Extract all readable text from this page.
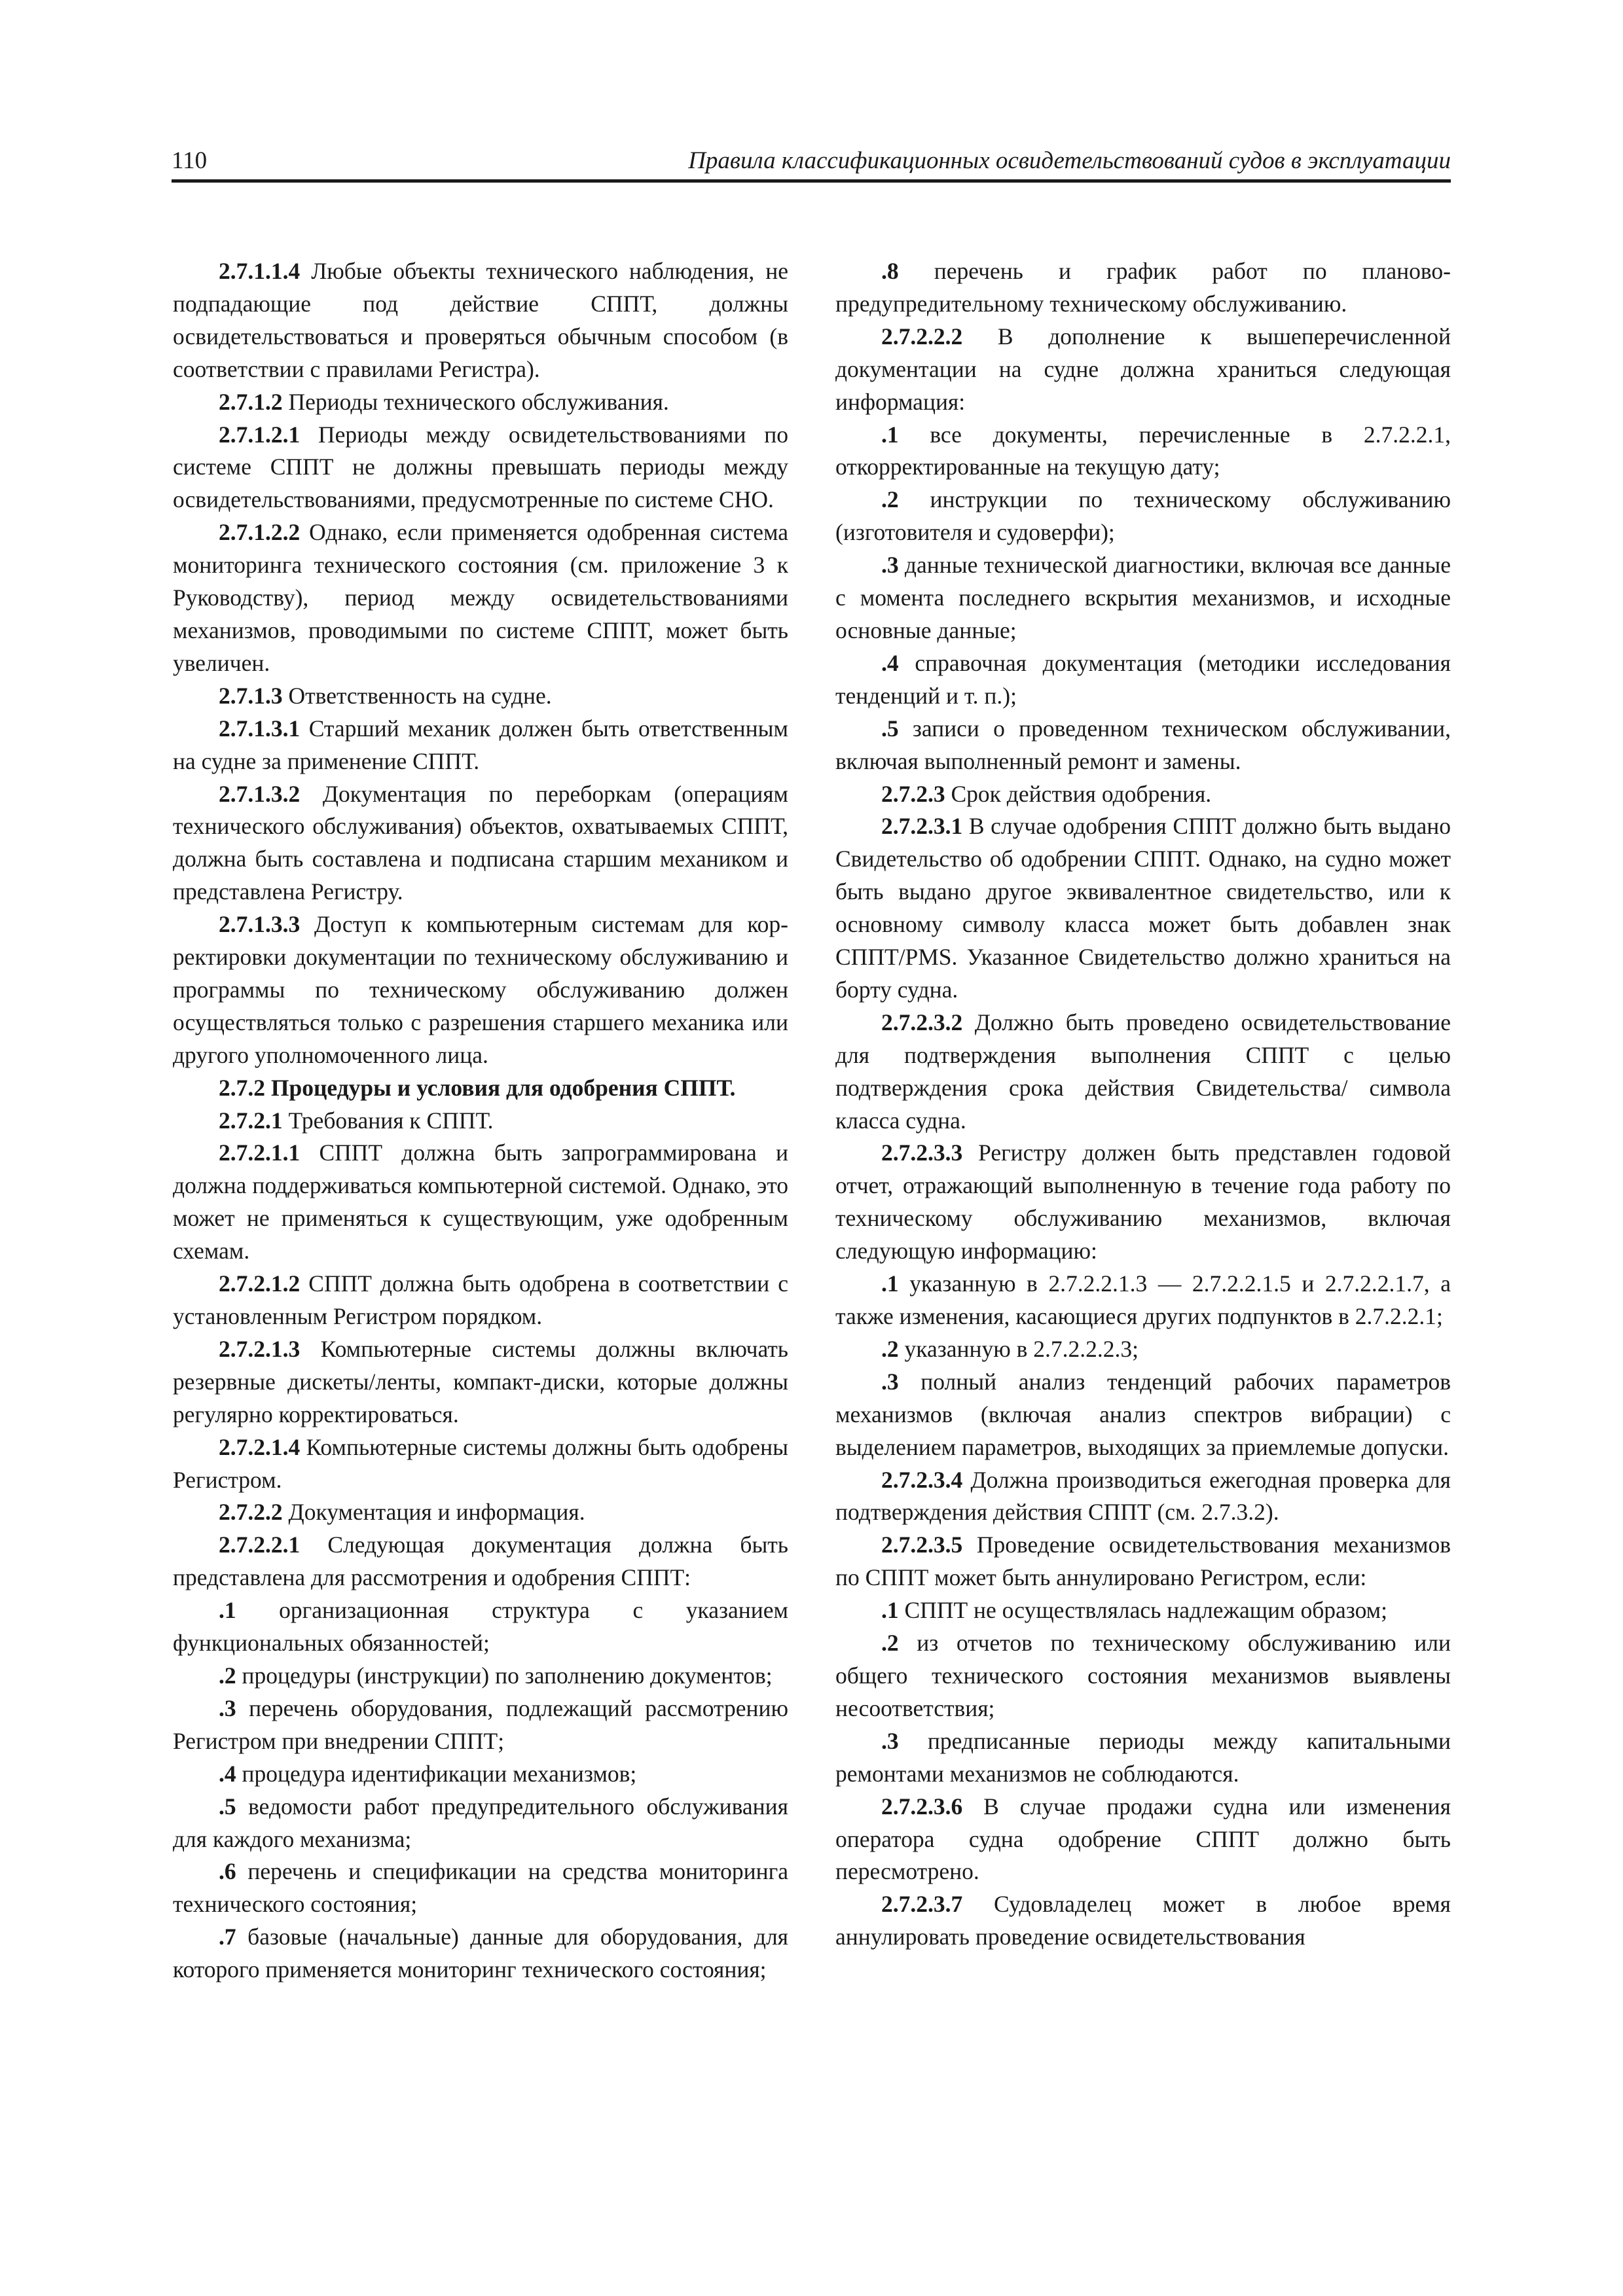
110	Правила классификационных освидетельствований судов в эксплуатации

2.7.1.1.4 Любые объекты технического наблюдения, не подпадающие под действие СППТ, должны освидетельствоваться и проверяться обычным способом (в соответствии с правилами Регистра).

2.7.1.2 Периоды технического обслуживания.

2.7.1.2.1 Периоды между освидетельствованиями по системе СППТ не должны превышать периоды между освидетельствованиями, предусмотренные по системе СНО.

2.7.1.2.2 Однако, если применяется одобренная система мониторинга технического состояния (см. приложение 3 к Руководству), период между освидетельствованиями механизмов, проводимыми по системе СППТ, может быть увеличен.

2.7.1.3 Ответственность на судне.

2.7.1.3.1 Старший механик должен быть ответственным на судне за применение СППТ.

2.7.1.3.2 Документация по переборкам (операциям технического обслуживания) объектов, охватываемых СППТ, должна быть составлена и подписана старшим механиком и представлена Регистру.

2.7.1.3.3 Доступ к компьютерным системам для корректировки документации по техническому обслуживанию и программы по техническому обслуживанию должен осуществляться только с разрешения старшего механика или другого уполномоченного лица.

2.7.2 Процедуры и условия для одобрения СППТ.

2.7.2.1 Требования к СППТ.

2.7.2.1.1 СППТ должна быть запрограммирована и должна поддерживаться компьютерной системой. Однако, это может не применяться к существующим, уже одобренным схемам.

2.7.2.1.2 СППТ должна быть одобрена в соответствии с установленным Регистром порядком.

2.7.2.1.3 Компьютерные системы должны включать резервные дискеты/ленты, компакт-диски, которые должны регулярно корректироваться.

2.7.2.1.4 Компьютерные системы должны быть одобрены Регистром.

2.7.2.2 Документация и информация.

2.7.2.2.1 Следующая документация должна быть представлена для рассмотрения и одобрения СППТ:

.1 организационная структура с указанием функциональных обязанностей;

.2 процедуры (инструкции) по заполнению документов;

.3 перечень оборудования, подлежащий рассмотрению Регистром при внедрении СППТ;

.4 процедура идентификации механизмов;

.5 ведомости работ предупредительного обслуживания для каждого механизма;

.6 перечень и спецификации на средства мониторинга технического состояния;

.7 базовые (начальные) данные для оборудования, для которого применяется мониторинг технического состояния;

.8 перечень и график работ по планово-предупредительному техническому обслуживанию.

2.7.2.2.2 В дополнение к вышеперечисленной документации на судне должна храниться следующая информация:

.1 все документы, перечисленные в 2.7.2.2.1, откорректированные на текущую дату;

.2 инструкции по техническому обслуживанию (изготовителя и судоверфи);

.3 данные технической диагностики, включая все данные с момента последнего вскрытия механизмов, и исходные основные данные;

.4 справочная документация (методики исследования тенденций и т. п.);

.5 записи о проведенном техническом обслуживании, включая выполненный ремонт и замены.

2.7.2.3 Срок действия одобрения.

2.7.2.3.1 В случае одобрения СППТ должно быть выдано Свидетельство об одобрении СППТ. Однако, на судно может быть выдано другое эквивалентное свидетельство, или к основному символу класса может быть добавлен знак СППТ/PMS. Указанное Свидетельство должно храниться на борту судна.

2.7.2.3.2 Должно быть проведено освидетельствование для подтверждения выполнения СППТ с целью подтверждения срока действия Свидетельства/ символа класса судна.

2.7.2.3.3 Регистру должен быть представлен годовой отчет, отражающий выполненную в течение года работу по техническому обслуживанию механизмов, включая следующую информацию:

.1 указанную в 2.7.2.2.1.3 — 2.7.2.2.1.5 и 2.7.2.2.1.7, а также изменения, касающиеся других подпунктов в 2.7.2.2.1;

.2 указанную в 2.7.2.2.2.3;

.3 полный анализ тенденций рабочих параметров механизмов (включая анализ спектров вибрации) с выделением параметров, выходящих за приемлемые допуски.

2.7.2.3.4 Должна производиться ежегодная проверка для подтверждения действия СППТ (см. 2.7.3.2).

2.7.2.3.5 Проведение освидетельствования механизмов по СППТ может быть аннулировано Регистром, если:

.1 СППТ не осуществлялась надлежащим образом;

.2 из отчетов по техническому обслуживанию или общего технического состояния механизмов выявлены несоответствия;

.3 предписанные периоды между капитальными ремонтами механизмов не соблюдаются.

2.7.2.3.6 В случае продажи судна или изменения оператора судна одобрение СППТ должно быть пересмотрено.

2.7.2.3.7 Судовладелец может в любое время аннулировать проведение освидетельствования
